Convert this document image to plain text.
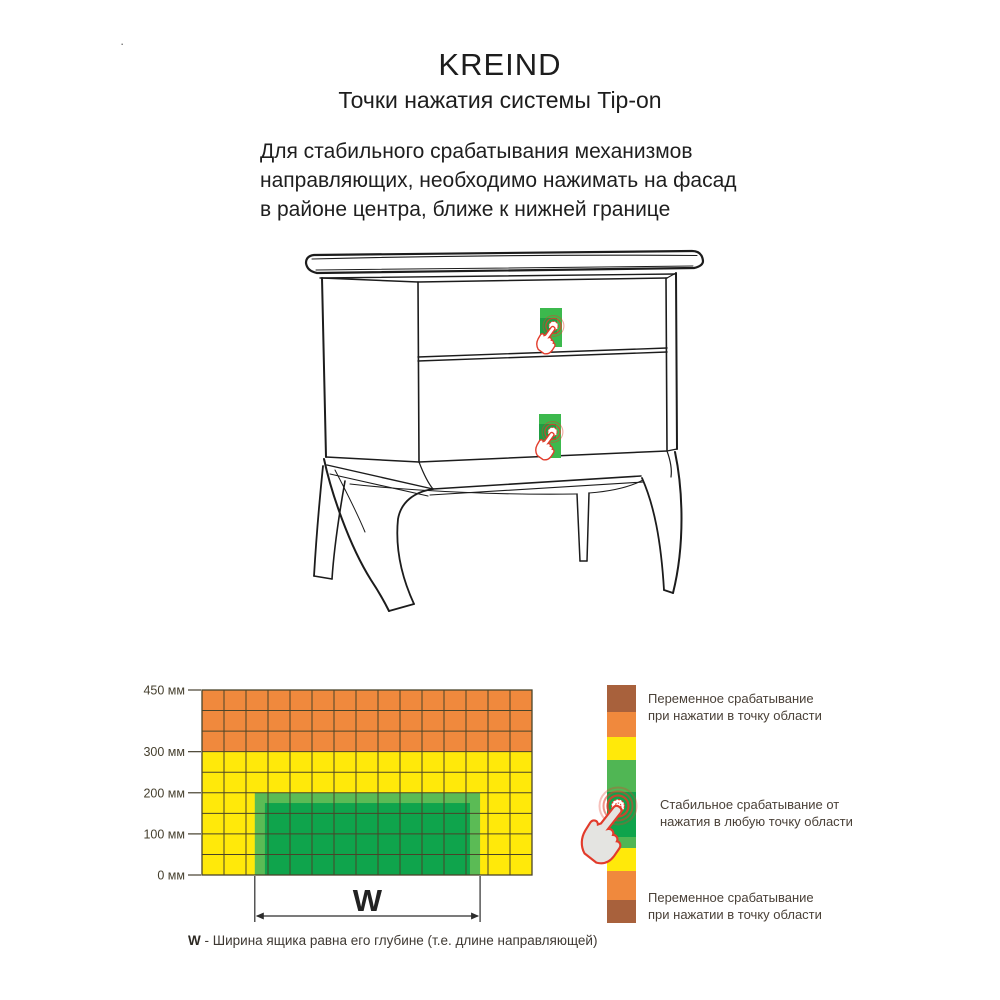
·
KREIND
Точки нажатия системы Tip-on
Для стабильного срабатывания механизмов
направляющих, необходимо нажимать на фасад
в районе центра, ближе к нижней границе
450 мм
300 мм
200 мм
100 мм
0 мм
W
Переменное срабатывание
при нажатии в точку области
Стабильное срабатывание от
нажатия в любую точку области
Переменное срабатывание
при нажатии в точку области
W - Ширина ящика равна его глубине (т.е. длине направляющей)
